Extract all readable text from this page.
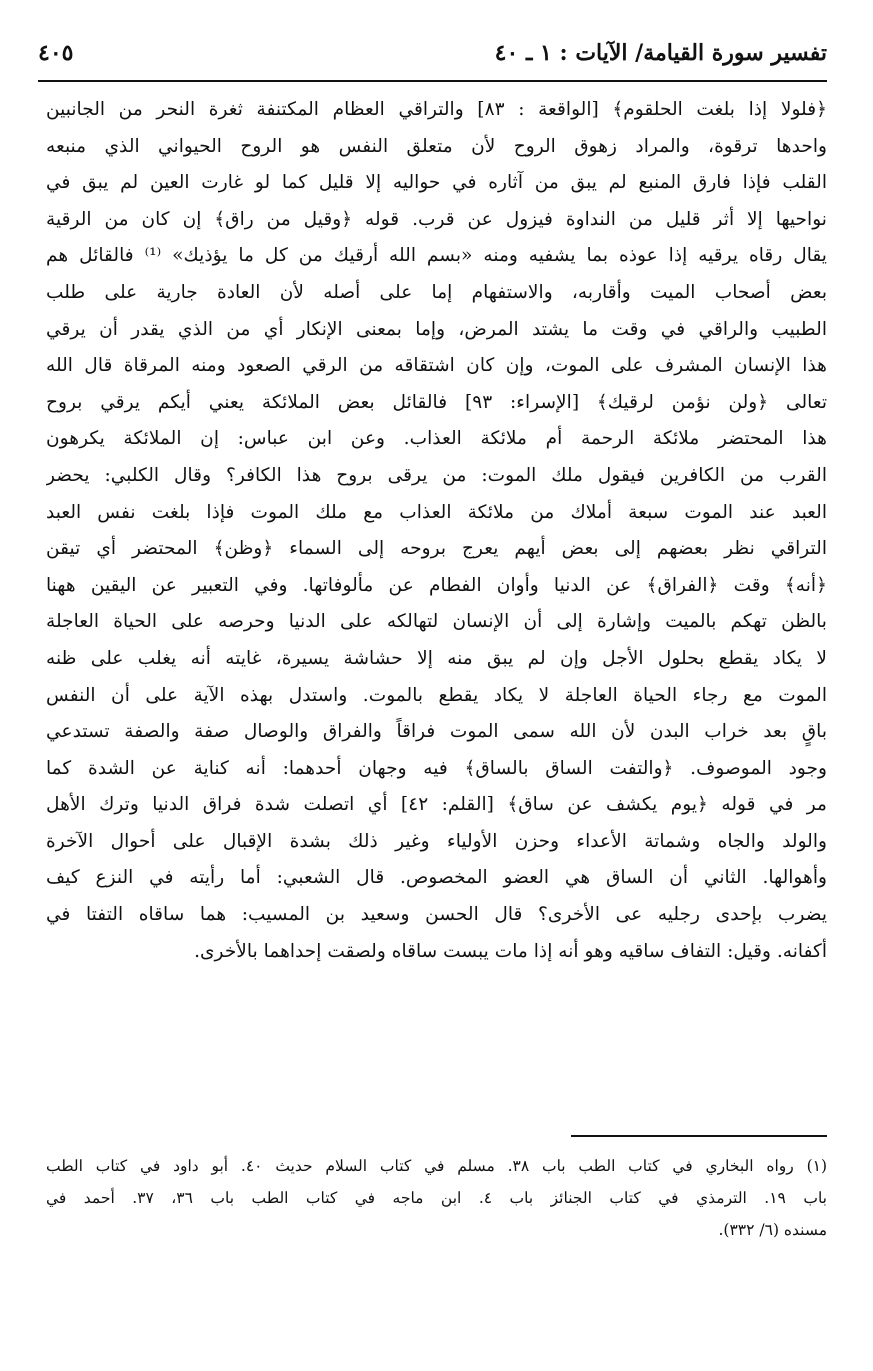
تفسير سورة القيامة/ الآيات : ١ ـ ٤٠
٤٠٥
﴿فلولا إذا بلغت الحلقوم﴾ [الواقعة : ٨٣] والتراقي العظام المكتنفة ثغرة النحر من الجانبين
واحدها ترقوة، والمراد زهوق الروح لأن متعلق النفس هو الروح الحيواني الذي منبعه
القلب فإذا فارق المنبع لم يبق من آثاره في حواليه إلا قليل كما لو غارت العين لم يبق في
نواحيها إلا أثر قليل من النداوة فيزول عن قرب. قوله ﴿وقيل من راق﴾ إن كان من الرقية
يقال رقاه يرقيه إذا عوذه بما يشفيه ومنه «بسم الله أرقيك من كل ما يؤذيك» ⁽¹⁾ فالقائل هم
بعض أصحاب الميت وأقاربه، والاستفهام إما على أصله لأن العادة جارية على طلب
الطبيب والراقي في وقت ما يشتد المرض، وإما بمعنى الإنكار أي من الذي يقدر أن يرقي
هذا الإنسان المشرف على الموت، وإن كان اشتقاقه من الرقي الصعود ومنه المرقاة قال الله
تعالى ﴿ولن نؤمن لرقيك﴾ [الإسراء: ٩٣] فالقائل بعض الملائكة يعني أيكم يرقي بروح
هذا المحتضر ملائكة الرحمة أم ملائكة العذاب. وعن ابن عباس: إن الملائكة يكرهون
القرب من الكافرين فيقول ملك الموت: من يرقى بروح هذا الكافر؟ وقال الكلبي: يحضر
العبد عند الموت سبعة أملاك من ملائكة العذاب مع ملك الموت فإذا بلغت نفس العبد
التراقي نظر بعضهم إلى بعض أيهم يعرج بروحه إلى السماء ﴿وظن﴾ المحتضر أي تيقن
﴿أنه﴾ وقت ﴿الفراق﴾ عن الدنيا وأوان الفطام عن مألوفاتها. وفي التعبير عن اليقين ههنا
بالظن تهكم بالميت وإشارة إلى أن الإنسان لتهالكه على الدنيا وحرصه على الحياة العاجلة
لا يكاد يقطع بحلول الأجل وإن لم يبق منه إلا حشاشة يسيرة، غايته أنه يغلب على ظنه
الموت مع رجاء الحياة العاجلة لا يكاد يقطع بالموت. واستدل بهذه الآية على أن النفس
باقٍ بعد خراب البدن لأن الله سمى الموت فراقاً والفراق والوصال صفة والصفة تستدعي
وجود الموصوف. ﴿والتفت الساق بالساق﴾ فيه وجهان أحدهما: أنه كناية عن الشدة كما
مر في قوله ﴿يوم يكشف عن ساق﴾ [القلم: ٤٢] أي اتصلت شدة فراق الدنيا وترك الأهل
والولد والجاه وشماتة الأعداء وحزن الأولياء وغير ذلك بشدة الإقبال على أحوال الآخرة
وأهوالها. الثاني أن الساق هي العضو المخصوص. قال الشعبي: أما رأيته في النزع كيف
يضرب بإحدى رجليه عى الأخرى؟ قال الحسن وسعيد بن المسيب: هما ساقاه التفتا في
أكفانه. وقيل: التفاف ساقيه وهو أنه إذا مات يبست ساقاه ولصقت إحداهما بالأخرى.
(١) رواه البخاري في كتاب الطب باب ٣٨. مسلم في كتاب السلام حديث ٤٠. أبو داود في كتاب الطب
باب ١٩. الترمذي في كتاب الجنائز باب ٤. ابن ماجه في كتاب الطب باب ٣٦، ٣٧. أحمد في
مسنده (٦/ ٣٣٢).
